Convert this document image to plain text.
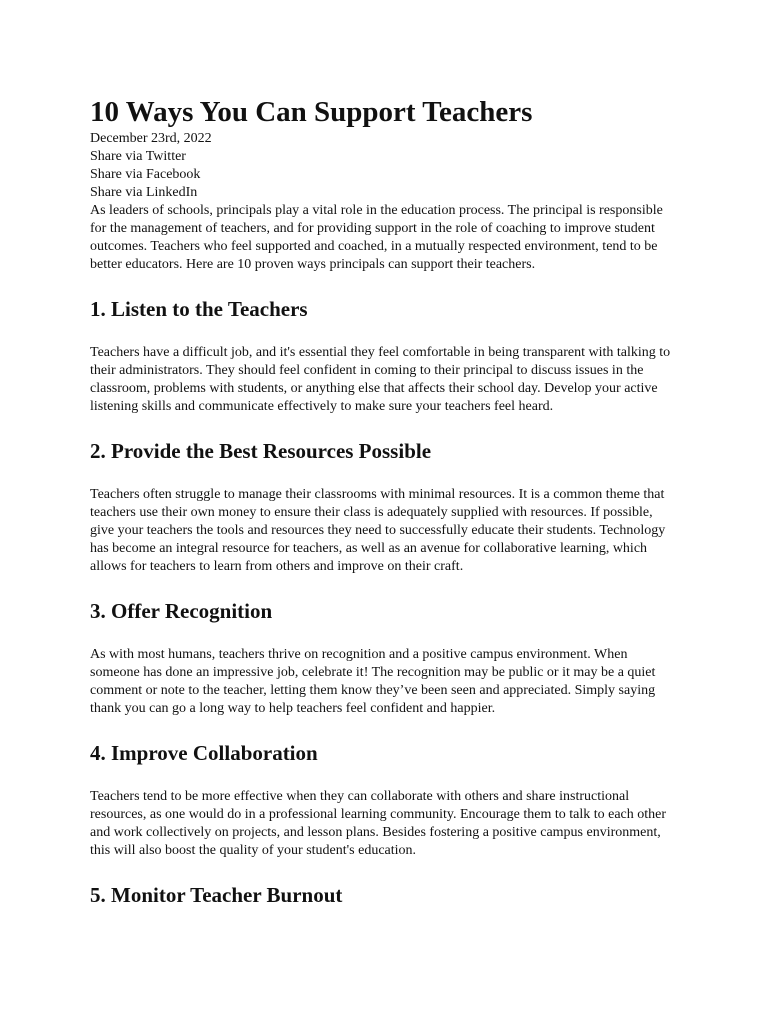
10 Ways You Can Support Teachers
December 23rd, 2022
Share via Twitter
Share via Facebook
Share via LinkedIn

As leaders of schools, principals play a vital role in the education process. The principal is responsible for the management of teachers, and for providing support in the role of coaching to improve student outcomes. Teachers who feel supported and coached, in a mutually respected environment, tend to be better educators. Here are 10 proven ways principals can support their teachers.

1. Listen to the Teachers

Teachers have a difficult job, and it's essential they feel comfortable in being transparent with talking to their administrators. They should feel confident in coming to their principal to discuss issues in the classroom, problems with students, or anything else that affects their school day. Develop your active listening skills and communicate effectively to make sure your teachers feel heard.

2. Provide the Best Resources Possible

Teachers often struggle to manage their classrooms with minimal resources. It is a common theme that teachers use their own money to ensure their class is adequately supplied with resources. If possible, give your teachers the tools and resources they need to successfully educate their students. Technology has become an integral resource for teachers, as well as an avenue for collaborative learning, which allows for teachers to learn from others and improve on their craft.

3. Offer Recognition

As with most humans, teachers thrive on recognition and a positive campus environment. When someone has done an impressive job, celebrate it! The recognition may be public or it may be a quiet comment or note to the teacher, letting them know they’ve been seen and appreciated. Simply saying thank you can go a long way to help teachers feel confident and happier.

4. Improve Collaboration

Teachers tend to be more effective when they can collaborate with others and share instructional resources, as one would do in a professional learning community. Encourage them to talk to each other and work collectively on projects, and lesson plans. Besides fostering a positive campus environment, this will also boost the quality of your student's education.

5. Monitor Teacher Burnout
